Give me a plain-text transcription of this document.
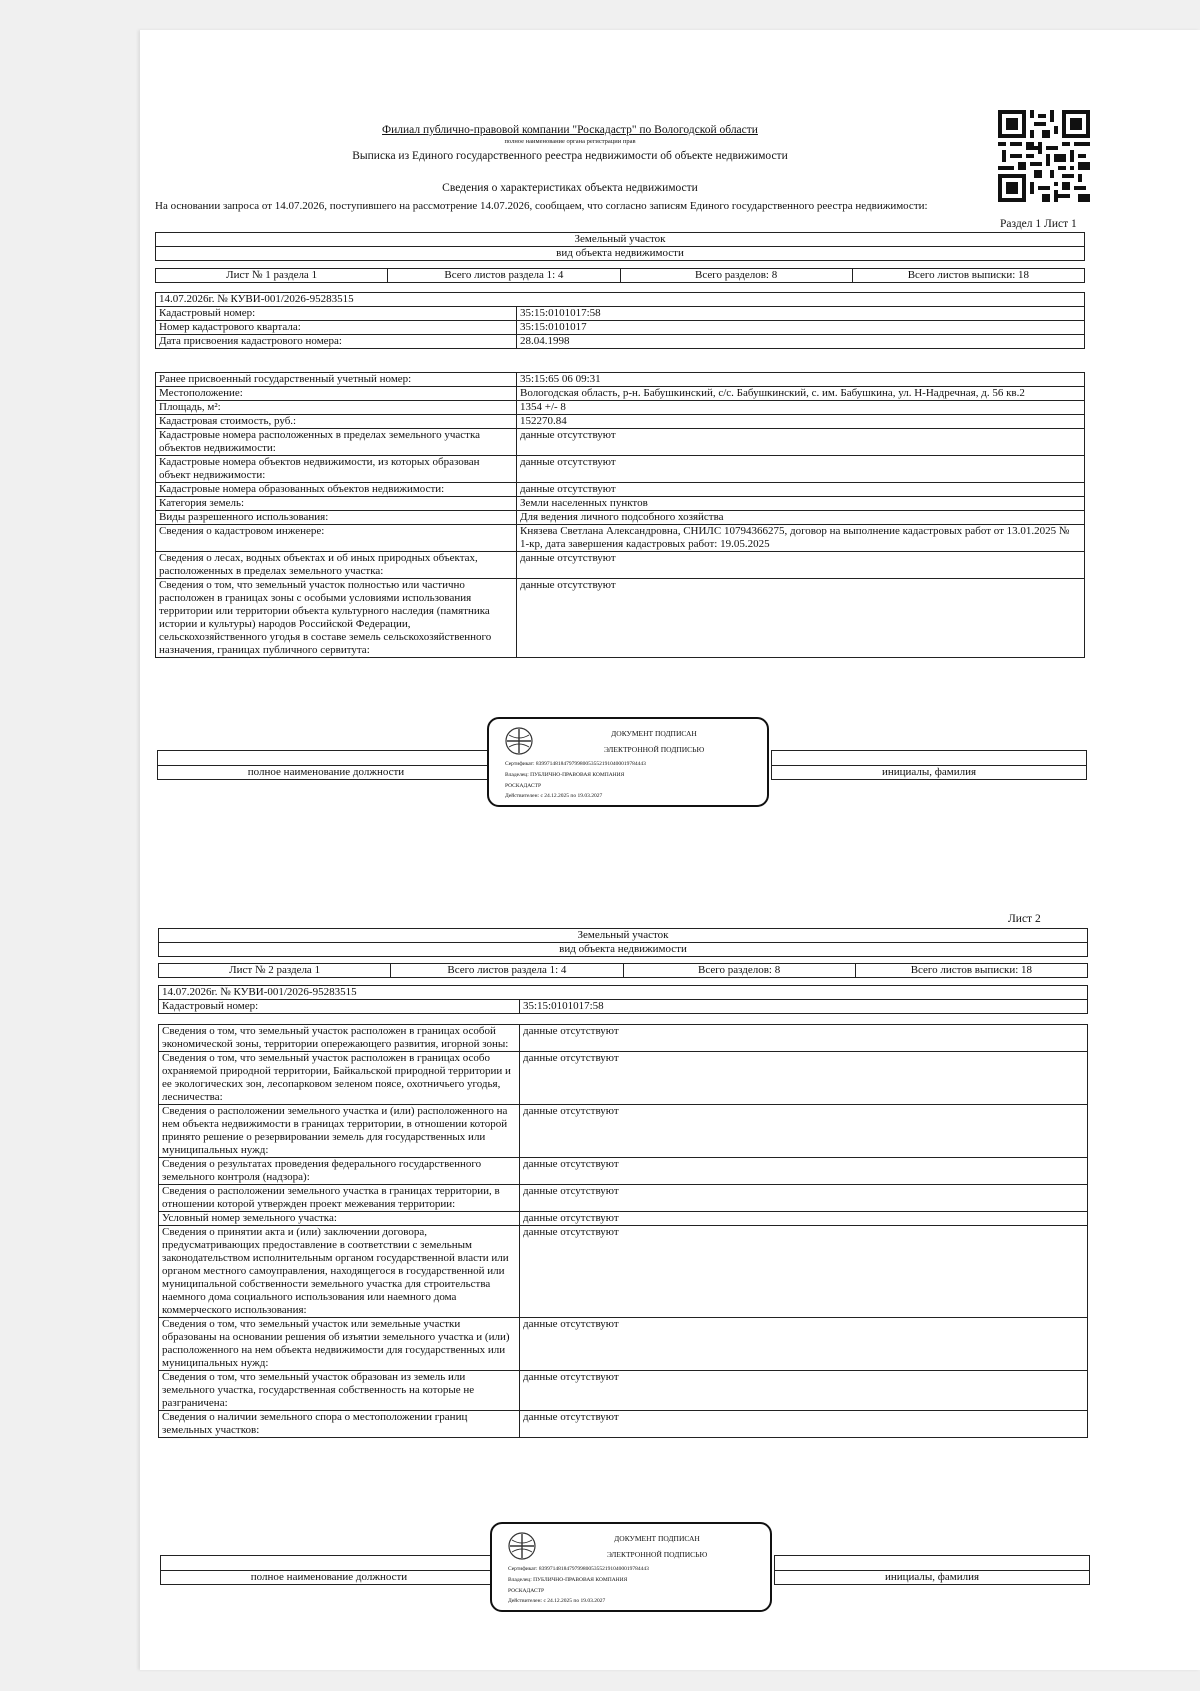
Филиал публично-правовой компании "Роскадастр" по Вологодской области
полное наименование органа регистрации прав
Выписка из Единого государственного реестра недвижимости об объекте недвижимости
Сведения о характеристиках объекта недвижимости
На основании запроса от 14.07.2026, поступившего на рассмотрение 14.07.2026, сообщаем, что согласно записям Единого государственного реестра недвижимости:
Раздел 1 Лист 1
Земельный участок
вид объекта недвижимости
Лист № 1 раздела 1	Всего листов раздела 1: 4	Всего разделов: 8	Всего листов выписки: 18
14.07.2026г. № КУВИ-001/2026-95283515	
Кадастровый номер:	35:15:0101017:58
Номер кадастрового квартала:	35:15:0101017
Дата присвоения кадастрового номера:	28.04.1998
Ранее присвоенный государственный учетный номер:	35:15:65 06 09:31
Местоположение:	Вологодская область, р-н. Бабушкинский, с/с. Бабушкинский, с. им. Бабушкина, ул. Н-Надречная, д. 56 кв.2
Площадь, м²:	1354 +/- 8
Кадастровая стоимость, руб.:	152270.84
Кадастровые номера расположенных в пределах земельного участка объектов недвижимости:	данные отсутствуют
Кадастровые номера объектов недвижимости, из которых образован объект недвижимости:	данные отсутствуют
Кадастровые номера образованных объектов недвижимости:	данные отсутствуют
Категория земель:	Земли населенных пунктов
Виды разрешенного использования:	Для ведения личного подсобного хозяйства
Сведения о кадастровом инженере:	Князева Светлана Александровна, СНИЛС 10794366275, договор на выполнение кадастровых работ от 13.01.2025 № 1-кр, дата завершения кадастровых работ: 19.05.2025
Сведения о лесах, водных объектах и об иных природных объектах, расположенных в пределах земельного участка:	данные отсутствуют
Сведения о том, что земельный участок полностью или частично расположен в границах зоны с особыми условиями использования территории или территории объекта культурного наследия (памятника истории и культуры) народов Российской Федерации, сельскохозяйственного угодья в составе земель сельскохозяйственного назначения, границах публичного сервитута:	данные отсутствуют

полное наименование должности		инициалы, фамилия
ДОКУМЕНТ ПОДПИСАН
ЭЛЕКТРОННОЙ ПОДПИСЬЮ
Сертификат: 8399714818479799800535521910400019784443
Владелец: ПУБЛИЧНО-ПРАВОВАЯ КОМПАНИЯ
РОСКАДАСТР
Действителен: с 24.12.2025 по 19.03.2027
Лист 2
Земельный участок
вид объекта недвижимости
Лист № 2 раздела 1	Всего листов раздела 1: 4	Всего разделов: 8	Всего листов выписки: 18
14.07.2026г. № КУВИ-001/2026-95283515
Кадастровый номер:	35:15:0101017:58
Сведения о том, что земельный участок расположен в границах особой экономической зоны, территории опережающего развития, игорной зоны:	данные отсутствуют
Сведения о том, что земельный участок расположен в границах особо охраняемой природной территории, Байкальской природной территории и ее экологических зон, лесопарковом зеленом поясе, охотничьего угодья, лесничества:	данные отсутствуют
Сведения о расположении земельного участка и (или) расположенного на нем объекта недвижимости в границах территории, в отношении которой принято решение о резервировании земель для государственных или муниципальных нужд:	данные отсутствуют
Сведения о результатах проведения федерального государственного земельного контроля (надзора):	данные отсутствуют
Сведения о расположении земельного участка в границах территории, в отношении которой утвержден проект межевания территории:	данные отсутствуют
Условный номер земельного участка:	данные отсутствуют
Сведения о принятии акта и (или) заключении договора, предусматривающих предоставление в соответствии с земельным законодательством исполнительным органом государственной власти или органом местного самоуправления, находящегося в государственной или муниципальной собственности земельного участка для строительства наемного дома социального использования или наемного дома коммерческого использования:	данные отсутствуют
Сведения о том, что земельный участок или земельные участки образованы на основании решения об изъятии земельного участка и (или) расположенного на нем объекта недвижимости для государственных или муниципальных нужд:	данные отсутствуют
Сведения о том, что земельный участок образован из земель или земельного участка, государственная собственность на которые не разграничена:	данные отсутствуют
Сведения о наличии земельного спора о местоположении границ земельных участков:	данные отсутствуют

полное наименование должности		инициалы, фамилия
ДОКУМЕНТ ПОДПИСАН
ЭЛЕКТРОННОЙ ПОДПИСЬЮ
Сертификат: 8399714818479799800535521910400019784443
Владелец: ПУБЛИЧНО-ПРАВОВАЯ КОМПАНИЯ
РОСКАДАСТР
Действителен: с 24.12.2025 по 19.03.2027
